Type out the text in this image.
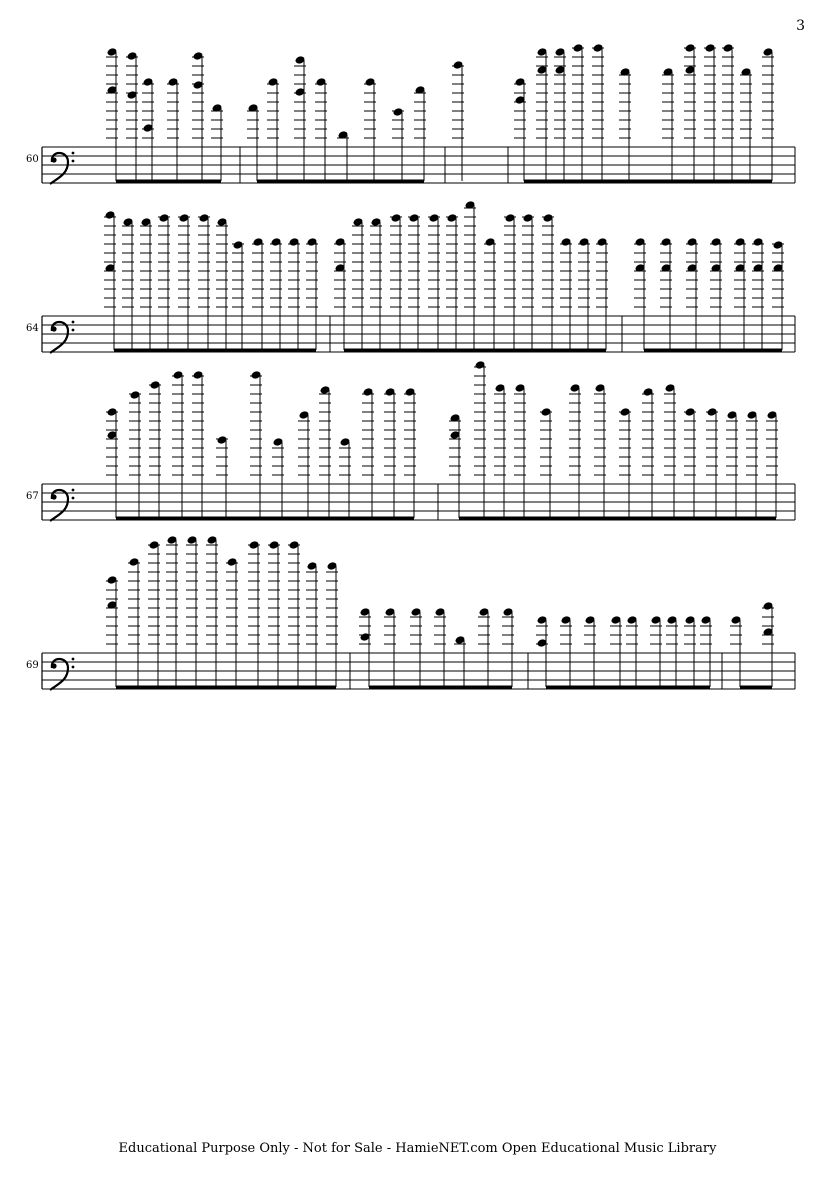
3
60
64
67
69
Educational Purpose Only - Not for Sale - HamieNET.com Open Educational Music Library
